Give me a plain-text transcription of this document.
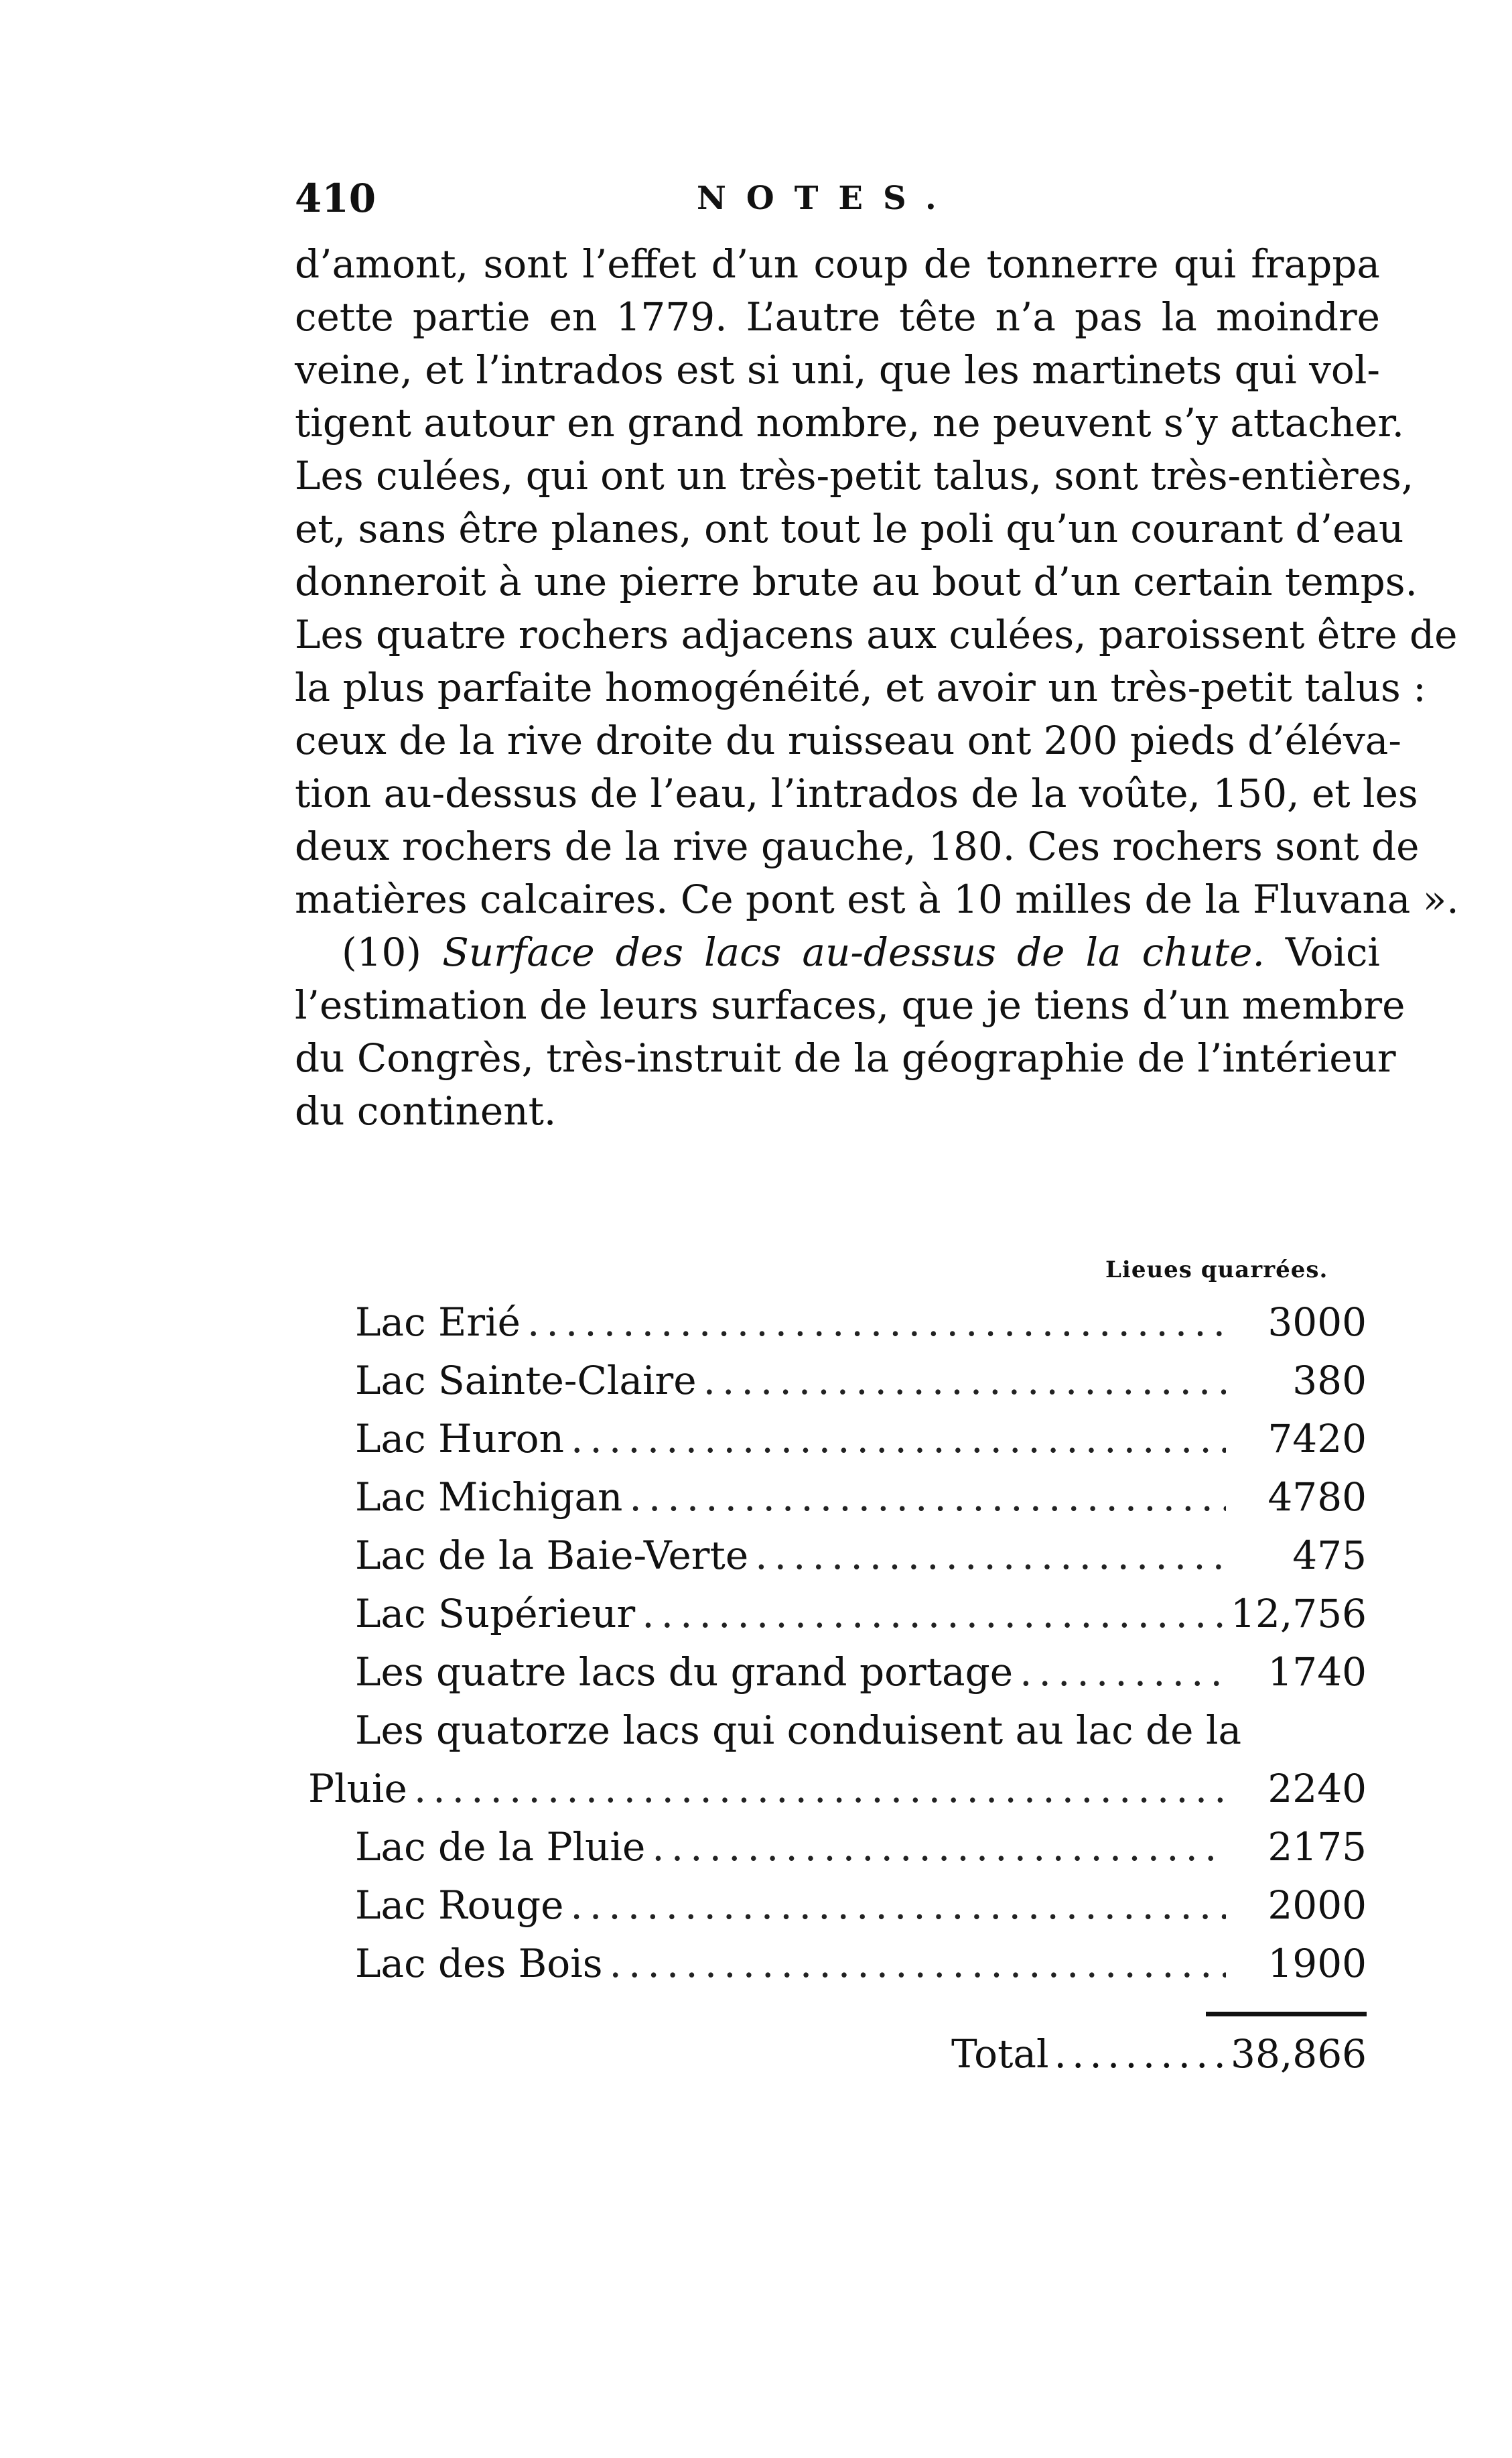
410	NOTES.
d’amont, sont l’effet d’un coup de tonnerre qui frappa
cette partie en 1779. L’autre tête n’a pas la moindre
veine, et l’intrados est si uni, que les martinets qui vol-
tigent autour en grand nombre, ne peuvent s’y attacher.
Les culées, qui ont un très-petit talus, sont très-entières,
et, sans être planes, ont tout le poli qu’un courant d’eau
donneroit à une pierre brute au bout d’un certain temps.
Les quatre rochers adjacens aux culées, paroissent être de
la plus parfaite homogénéité, et avoir un très-petit talus :
ceux de la rive droite du ruisseau ont 200 pieds d’éléva-
tion au-dessus de l’eau, l’intrados de la voûte, 150, et les
deux rochers de la rive gauche, 180. Ces rochers sont de
matières calcaires. Ce pont est à 10 milles de la Fluvana ».
(10) Surface des lacs au-dessus de la chute. Voici
l’estimation de leurs surfaces, que je tiens d’un membre
du Congrès, très-instruit de la géographie de l’intérieur
du continent.
Lieues quarrées.
Lac Erié .....	3000
Lac Sainte-Claire .....	380
Lac Huron .....	7420
Lac Michigan .....	4780
Lac de la Baie-Verte .....	475
Lac Supérieur .....	12,756
Les quatre lacs du grand portage .....	1740
Les quatorze lacs qui conduisent au lac de la
Pluie .....	2240
Lac de la Pluie .....	2175
Lac Rouge .....	2000
Lac des Bois .....	1900
Total .....	38,866
